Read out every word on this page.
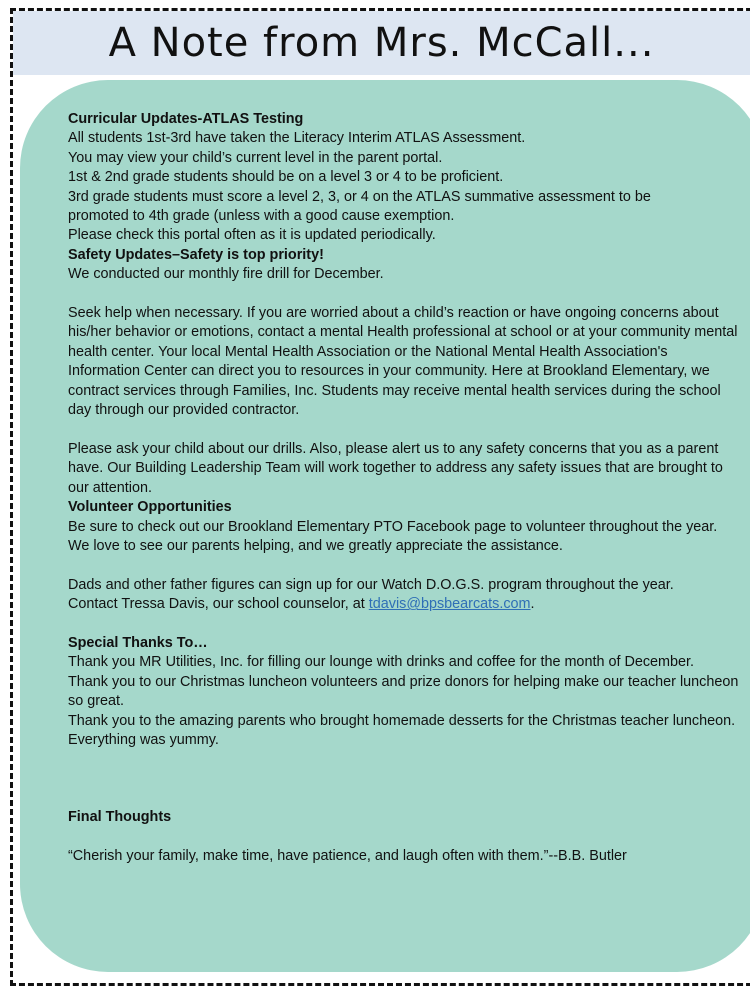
A Note from Mrs. McCall...

Curricular Updates-ATLAS Testing

All students 1st-3rd have taken the Literacy Interim ATLAS Assessment.

You may view your child’s current level in the parent portal.

1st & 2nd grade students should be on a level 3 or 4 to be proficient.

3rd grade students must score a level 2, 3, or 4 on the ATLAS summative assessment to be

promoted to 4th grade (unless with a good cause exemption.

Please check this portal often as it is updated periodically.

Safety Updates–Safety is top priority!

We conducted our monthly fire drill for December.

Seek help when necessary. If you are worried about a child’s reaction or have ongoing concerns about his/her behavior or emotions, contact a mental Health professional at school or at your community mental health center. Your local Mental Health Association or the National Mental Health Association's Information Center can direct you to resources in your community. Here at Brookland Elementary, we contract services through Families, Inc. Students may receive mental health services during the school day through our provided contractor.

Please ask your child about our drills. Also, please alert us to any safety concerns that you as a parent have. Our Building Leadership Team will work together to address any safety issues that are brought to our attention.

Volunteer Opportunities

Be sure to check out our Brookland Elementary PTO Facebook page to volunteer throughout the year. We love to see our parents helping, and we greatly appreciate the assistance.

Dads and other father figures can sign up for our Watch D.O.G.S. program throughout the year.

Contact Tressa Davis, our school counselor, at tdavis@bpsbearcats.com.

Special Thanks To…

Thank you MR Utilities, Inc. for filling our lounge with drinks and coffee for the month of December.

Thank you to our Christmas luncheon volunteers and prize donors for helping make our teacher luncheon so great.

Thank you to the amazing parents who brought homemade desserts for the Christmas teacher luncheon. Everything was yummy.

Final Thoughts

“Cherish your family, make time, have patience, and laugh often with them.”--B.B. Butler
